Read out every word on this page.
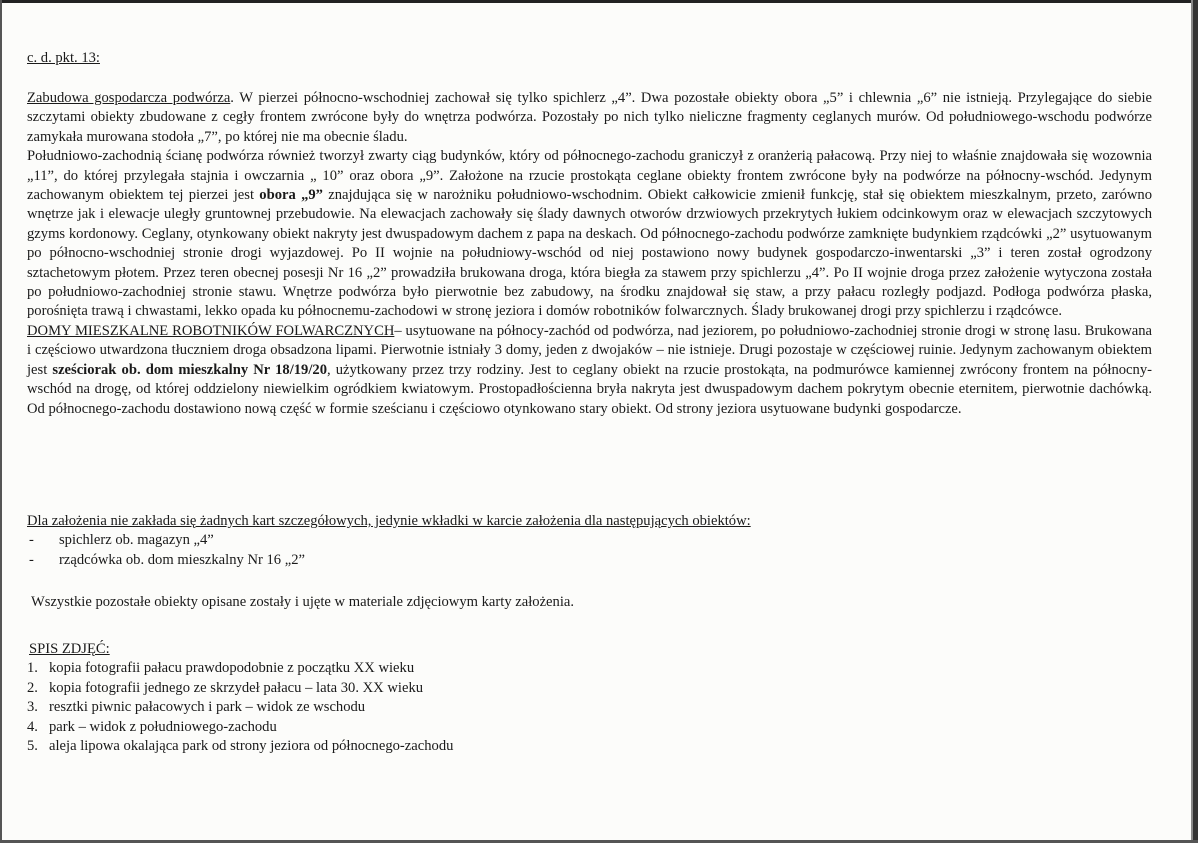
c. d. pkt. 13:

Zabudowa gospodarcza podwórza. W pierzei północno-wschodniej zachował się tylko spichlerz „4”. Dwa pozostałe obiekty obora „5” i chlewnia „6” nie istnieją. Przylegające do siebie szczytami obiekty zbudowane z cegły frontem zwrócone były do wnętrza podwórza. Pozostały po nich tylko nieliczne fragmenty ceglanych murów. Od południowego-wschodu podwórze zamykała murowana stodoła „7”, po której nie ma obecnie śladu.

Południowo-zachodnią ścianę podwórza również tworzył zwarty ciąg budynków, który od północnego-zachodu graniczył z oranżerią pałacową. Przy niej to właśnie znajdowała się wozownia „11”, do której przylegała stajnia i owczarnia „ 10” oraz obora „9”. Założone na rzucie prostokąta ceglane obiekty frontem zwrócone były na podwórze na północny-wschód. Jedynym zachowanym obiektem tej pierzei jest obora „9” znajdująca się w narożniku południowo-wschodnim. Obiekt całkowicie zmienił funkcję, stał się obiektem mieszkalnym, przeto, zarówno wnętrze jak i elewacje uległy gruntownej przebudowie. Na elewacjach zachowały się ślady dawnych otworów drzwiowych przekrytych łukiem odcinkowym oraz w elewacjach szczytowych gzyms kordonowy. Ceglany, otynkowany obiekt nakryty jest dwuspadowym dachem z papa na deskach. Od północnego-zachodu podwórze zamknięte budynkiem rządcówki „2” usytuowanym po północno-wschodniej stronie drogi wyjazdowej. Po II wojnie na południowy-wschód od niej postawiono nowy budynek gospodarczo-inwentarski „3” i teren został ogrodzony sztachetowym płotem. Przez teren obecnej posesji Nr 16 „2” prowadziła brukowana droga, która biegła za stawem przy spichlerzu „4”. Po II wojnie droga przez założenie wytyczona została po południowo-zachodniej stronie stawu. Wnętrze podwórza było pierwotnie bez zabudowy, na środku znajdował się staw, a przy pałacu rozległy podjazd. Podłoga podwórza płaska, porośnięta trawą i chwastami, lekko opada ku północnemu-zachodowi w stronę jeziora i domów robotników folwarcznych. Ślady brukowanej drogi przy spichlerzu i rządcówce.

DOMY MIESZKALNE ROBOTNIKÓW FOLWARCZNYCH– usytuowane na północy-zachód od podwórza, nad jeziorem, po południowo-zachodniej stronie drogi w stronę lasu. Brukowana i częściowo utwardzona tłuczniem droga obsadzona lipami. Pierwotnie istniały 3 domy, jeden z dwojaków – nie istnieje. Drugi pozostaje w częściowej ruinie. Jedynym zachowanym obiektem jest sześciorak ob. dom mieszkalny Nr 18/19/20, użytkowany przez trzy rodziny. Jest to ceglany obiekt na rzucie prostokąta, na podmurówce kamiennej zwrócony frontem na północny-wschód na drogę, od której oddzielony niewielkim ogródkiem kwiatowym. Prostopadłościenna bryła nakryta jest dwuspadowym dachem pokrytym obecnie eternitem, pierwotnie dachówką. Od północnego-zachodu dostawiono nową część w formie sześcianu i częściowo otynkowano stary obiekt. Od strony jeziora usytuowane budynki gospodarcze.

Dla założenia nie zakłada się żadnych kart szczegółowych, jedynie wkładki w karcie założenia dla następujących obiektów:

-	spichlerz ob. magazyn „4”
-	rządcówka ob. dom mieszkalny Nr 16 „2”
Wszystkie pozostałe obiekty opisane zostały i ujęte w materiale zdjęciowym karty założenia.
SPIS ZDJĘĆ:
1. kopia fotografii pałacu prawdopodobnie z początku XX wieku
2. kopia fotografii jednego ze skrzydeł pałacu – lata 30. XX wieku
3. resztki piwnic pałacowych i park – widok ze wschodu
4. park – widok z południowego-zachodu
5. aleja lipowa okalająca park od strony jeziora od północnego-zachodu
